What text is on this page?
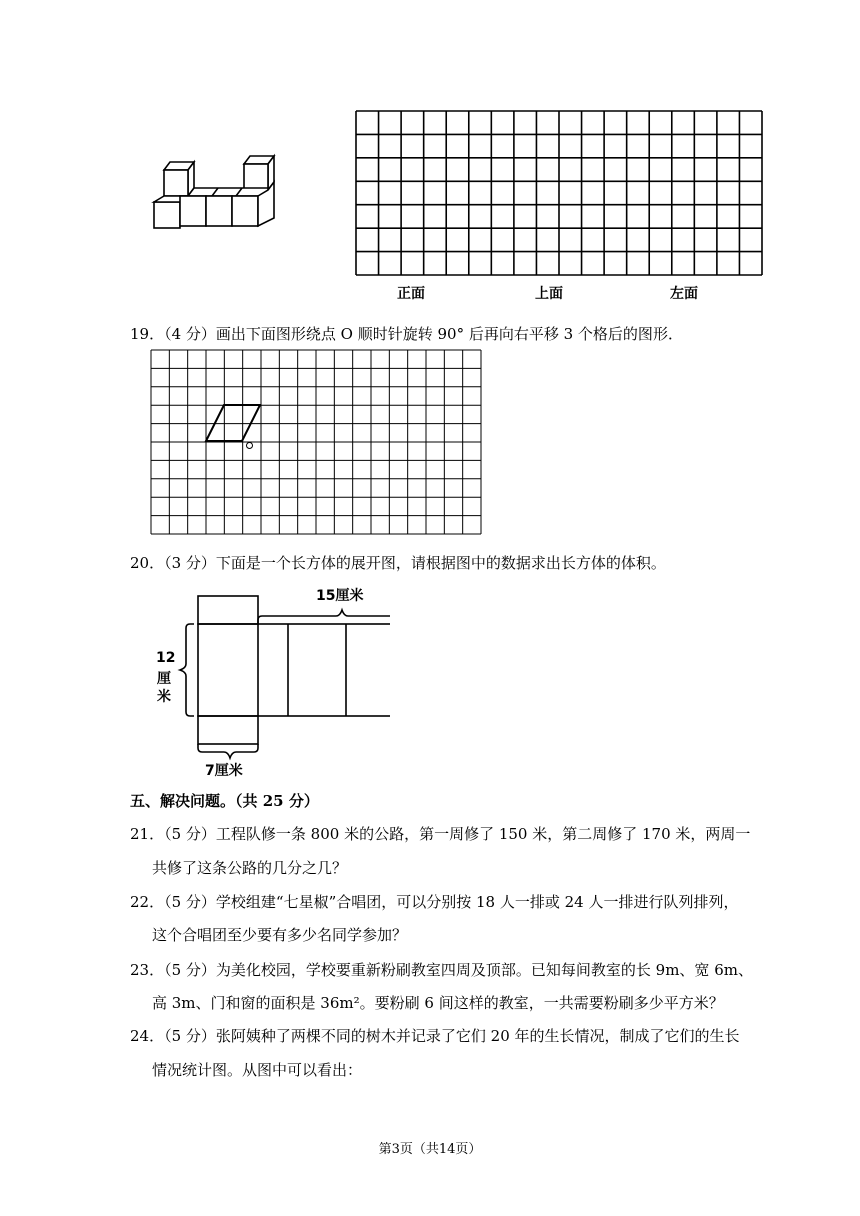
正面	上面	左面
19．（4 分）画出下面图形绕点 O 顺时针旋转 90° 后再向右平移 3 个格后的图形．
20．（3 分）下面是一个长方体的展开图，请根据图中的数据求出长方体的体积。
15厘米
12
厘
米
7厘米
五、解决问题。（共 25 分）
21．（5 分）工程队修一条 800 米的公路，第一周修了 150 米，第二周修了 170 米，两周一
共修了这条公路的几分之几？
22．（5 分）学校组建“七星椒”合唱团，可以分别按 18 人一排或 24 人一排进行队列排列，
这个合唱团至少要有多少名同学参加？
23．（5 分）为美化校园，学校要重新粉刷教室四周及顶部。已知每间教室的长 9m、宽 6m、
高 3m、门和窗的面积是 36m²。要粉刷 6 间这样的教室，一共需要粉刷多少平方米？
24．（5 分）张阿姨种了两棵不同的树木并记录了它们 20 年的生长情况，制成了它们的生长
情况统计图。从图中可以看出：
第3页（共14页）
